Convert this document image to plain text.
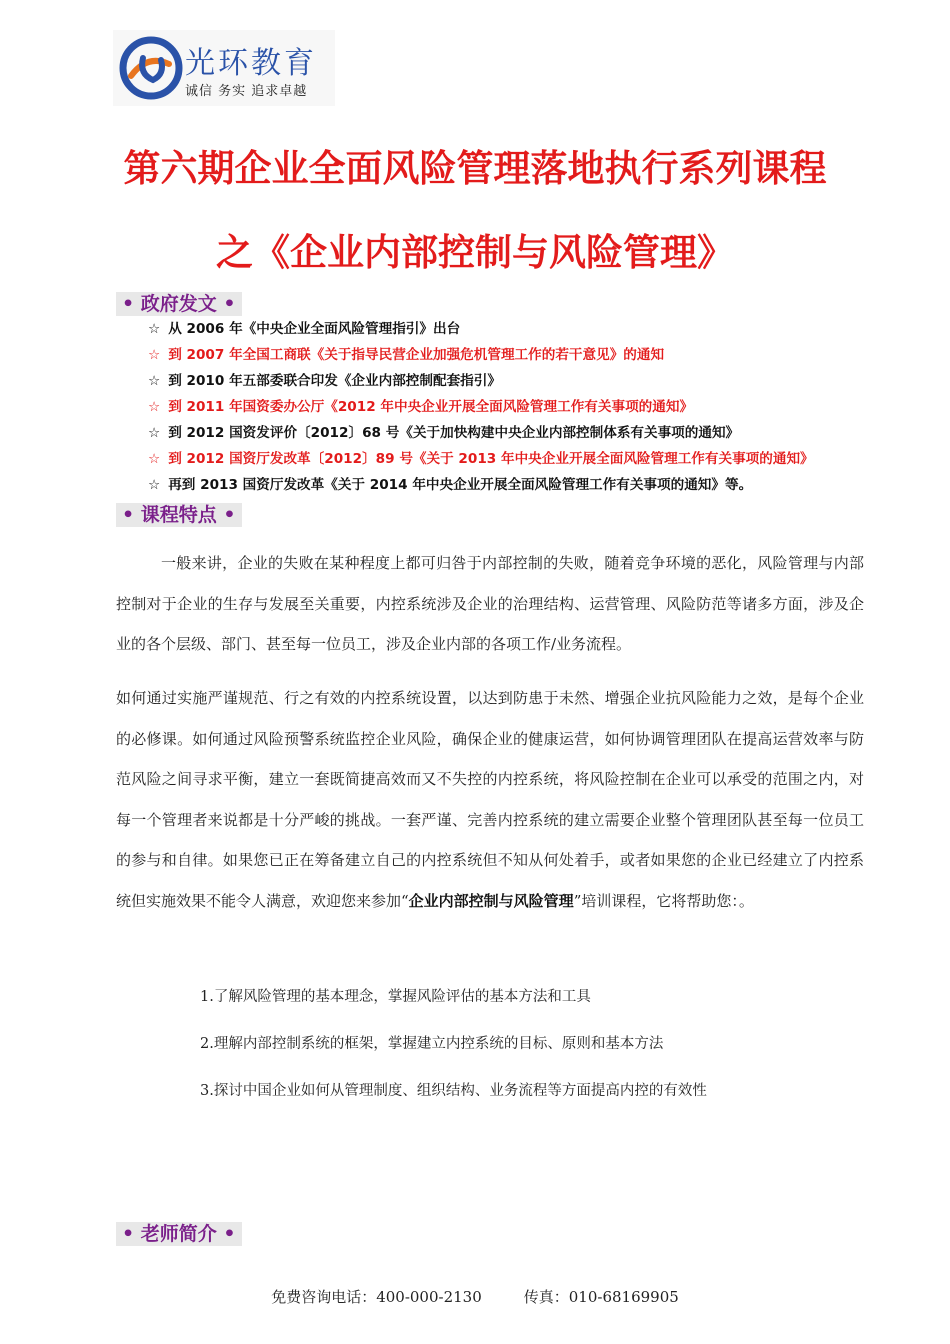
光环教育
诚信 务实 追求卓越
第六期企业全面风险管理落地执行系列课程
之《企业内部控制与风险管理》
• 政府发文 •
☆ 从 2006 年《中央企业全面风险管理指引》出台
☆ 到 2007 年全国工商联《关于指导民营企业加强危机管理工作的若干意见》的通知
☆ 到 2010 年五部委联合印发《企业内部控制配套指引》
☆ 到 2011 年国资委办公厅《2012 年中央企业开展全面风险管理工作有关事项的通知》
☆ 到 2012 国资发评价〔2012〕68 号《关于加快构建中央企业内部控制体系有关事项的通知》
☆ 到 2012 国资厅发改革〔2012〕89 号《关于 2013 年中央企业开展全面风险管理工作有关事项的通知》
☆ 再到 2013 国资厅发改革《关于 2014 年中央企业开展全面风险管理工作有关事项的通知》等。
• 课程特点 •

一般来讲，企业的失败在某种程度上都可归咎于内部控制的失败，随着竞争环境的恶化，风险管理与内部控制对于企业的生存与发展至关重要，内控系统涉及企业的治理结构、运营管理、风险防范等诸多方面，涉及企业的各个层级、部门、甚至每一位员工，涉及企业内部的各项工作/业务流程。

如何通过实施严谨规范、行之有效的内控系统设置，以达到防患于未然、增强企业抗风险能力之效，是每个企业的必修课。如何通过风险预警系统监控企业风险，确保企业的健康运营，如何协调管理团队在提高运营效率与防范风险之间寻求平衡，建立一套既简捷高效而又不失控的内控系统，将风险控制在企业可以承受的范围之内，对每一个管理者来说都是十分严峻的挑战。一套严谨、完善内控系统的建立需要企业整个管理团队甚至每一位员工的参与和自律。如果您已正在筹备建立自己的内控系统但不知从何处着手，或者如果您的企业已经建立了内控系统但实施效果不能令人满意，欢迎您来参加“企业内部控制与风险管理”培训课程，它将帮助您：。

1.了解风险管理的基本理念，掌握风险评估的基本方法和工具
2.理解内部控制系统的框架，掌握建立内控系统的目标、原则和基本方法
3.探讨中国企业如何从管理制度、组织结构、业务流程等方面提高内控的有效性
• 老师简介 •
免费咨询电话：400-000-2130	传真：010-68169905
